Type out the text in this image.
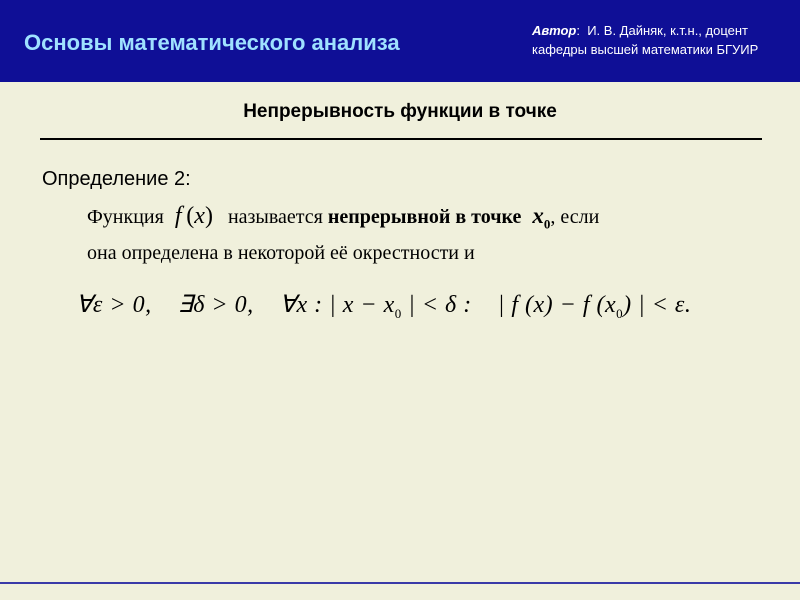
Основы математического анализа	Автор: И. В. Дайняк, к.т.н., доцент
кафедры высшей математики БГУИР
Непрерывность функции в точке
Определение 2:
Функция f (x) называется непрерывной в точке $x_0$, если
она определена в некоторой её окрестности и
∀ε > 0, ∃δ > 0, ∀x : | $x - x_0$ | < δ : | f (x) − f $(x_0)$ | < ε.
